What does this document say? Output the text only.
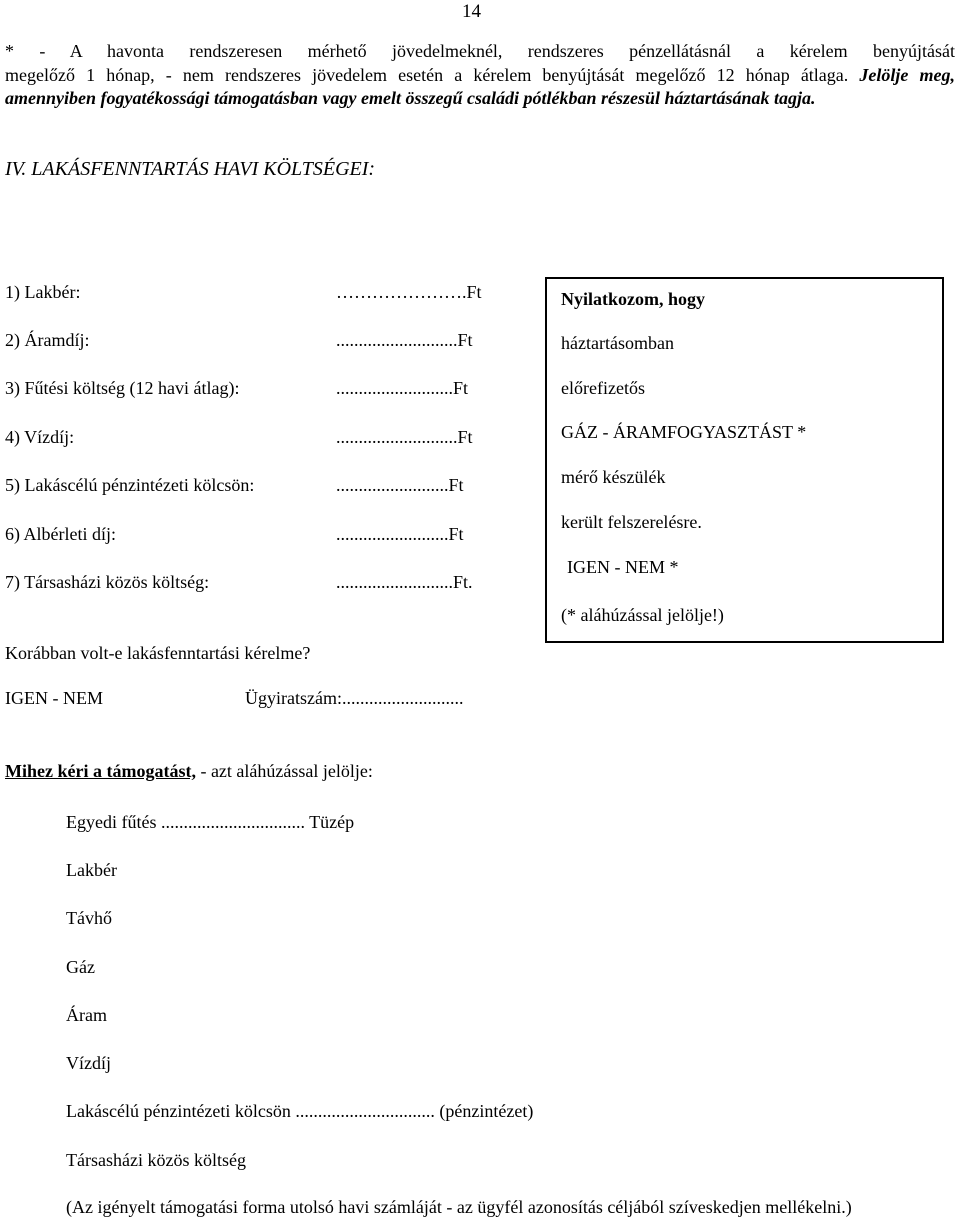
14
* - A havonta rendszeresen mérhető jövedelmeknél, rendszeres pénzellátásnál a kérelem benyújtását
megelőző 1 hónap, - nem rendszeres jövedelem esetén a kérelem benyújtását megelőző 12 hónap átlaga. Jelölje meg,
amennyiben fogyatékossági támogatásban vagy emelt összegű családi pótlékban részesül háztartásának tagja.
IV. LAKÁSFENNTARTÁS HAVI KÖLTSÉGEI:
1) Lakbér:	………………….Ft
2) Áramdíj:	...........................Ft
3) Fűtési költség (12 havi átlag):	..........................Ft
4) Vízdíj:	...........................Ft
5) Lakáscélú pénzintézeti kölcsön:	.........................Ft
6) Albérleti díj:	.........................Ft
7) Társasházi közös költség:	..........................Ft.
Nyilatkozom, hogy
háztartásomban
előrefizetős
GÁZ - ÁRAMFOGYASZTÁST *
mérő készülék
került felszerelésre.
IGEN - NEM *
(* aláhúzással jelölje!)
Korábban volt-e lakásfenntartási kérelme?
IGEN - NEM	Ügyiratszám:...........................
Mihez kéri a támogatást, - azt aláhúzással jelölje:
Egyedi fűtés ................................ Tüzép
Lakbér
Távhő
Gáz
Áram
Vízdíj
Lakáscélú pénzintézeti kölcsön ............................... (pénzintézet)
Társasházi közös költség
(Az igényelt támogatási forma utolsó havi számláját - az ügyfél azonosítás céljából szíveskedjen mellékelni.)
